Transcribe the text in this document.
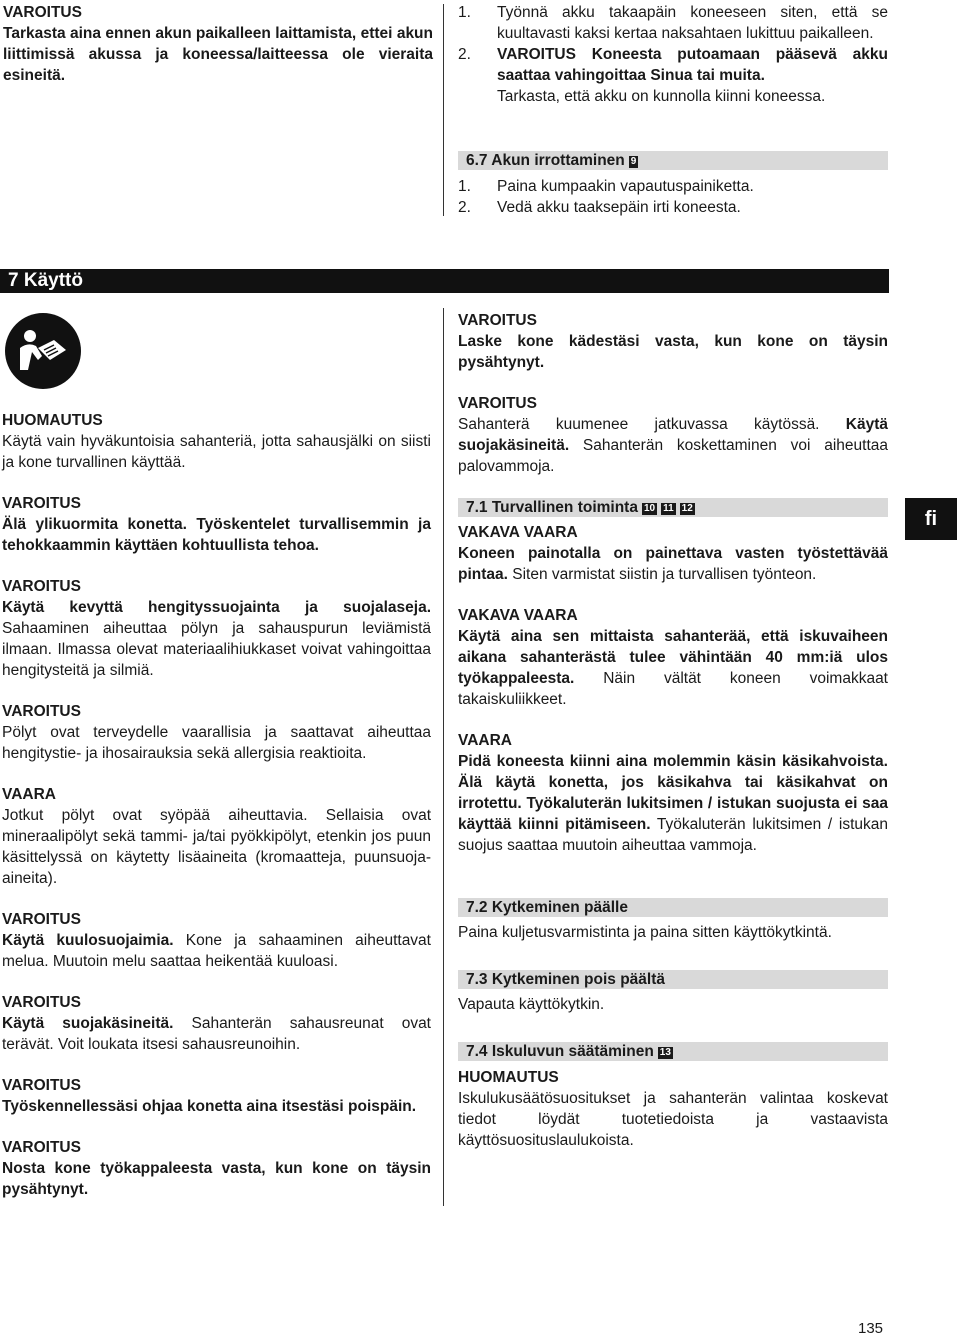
VAROITUS
Tarkasta aina ennen akun paikalleen laittamista, ettei akun liittimissä akussa ja koneessa/laitteessa ole vieraita esineitä.
1.	Työnnä akku takaapäin koneeseen siten, että se kuultavasti kaksi kertaa naksahtaen lukittuu paikalleen.
2.	VAROITUS Koneesta putoamaan pääsevä akku saattaa vahingoittaa Sinua tai muita.
Tarkasta, että akku on kunnolla kiinni koneessa.
6.7 Akun irrottaminen 9
1.	Paina kumpaakin vapautuspainiketta.
2.	Vedä akku taaksepäin irti koneesta.
7 Käyttö
HUOMAUTUS
Käytä vain hyväkuntoisia sahanteriä, jotta sahausjälki on siisti ja kone turvallinen käyttää.
VAROITUS
Älä ylikuormita konetta. Työskentelet turvallisemmin ja tehokkaammin käyttäen kohtuullista tehoa.
VAROITUS
Käytä kevyttä hengityssuojainta ja suojalaseja. Sahaaminen aiheuttaa pölyn ja sahauspurun leviämistä ilmaan. Ilmassa olevat materiaalihiukkaset voivat vahingoittaa hengitysteitä ja silmiä.
VAROITUS
Pölyt ovat terveydelle vaarallisia ja saattavat aiheuttaa hengitystie- ja ihosairauksia sekä allergisia reaktioita.
VAARA
Jotkut pölyt ovat syöpää aiheuttavia. Sellaisia ovat mineraalipölyt sekä tammi- ja/tai pyökkipölyt, etenkin jos puun käsittelyssä on käytetty lisäaineita (kromaatteja, puunsuoja-aineita).
VAROITUS
Käytä kuulosuojaimia. Kone ja sahaaminen aiheuttavat melua. Muutoin melu saattaa heikentää kuuloasi.
VAROITUS
Käytä suojakäsineitä. Sahanterän sahausreunat ovat terävät. Voit loukata itsesi sahausreunoihin.
VAROITUS
Työskennellessäsi ohjaa konetta aina itsestäsi poispäin.
VAROITUS
Nosta kone työkappaleesta vasta, kun kone on täysin pysähtynyt.
VAROITUS
Laske kone kädestäsi vasta, kun kone on täysin pysähtynyt.
VAROITUS
Sahanterä kuumenee jatkuvassa käytössä. Käytä suojakäsineitä. Sahanterän koskettaminen voi aiheuttaa palovammoja.
7.1 Turvallinen toiminta 10 11 12
VAKAVA VAARA
Koneen painotalla on painettava vasten työstettävää pintaa. Siten varmistat siistin ja turvallisen työnteon.
VAKAVA VAARA
Käytä aina sen mittaista sahanterää, että iskuvaiheen aikana sahanterästä tulee vähintään 40 mm:iä ulos työkappaleesta. Näin vältät koneen voimakkaat takaiskuliikkeet.
VAARA
Pidä koneesta kiinni aina molemmin käsin käsikahvoista. Älä käytä konetta, jos käsikahva tai käsikahvat on irrotettu. Työkaluterän lukitsimen / istukan suojusta ei saa käyttää kiinni pitämiseen. Työkaluterän lukitsimen / istukan suojus saattaa muutoin aiheuttaa vammoja.
7.2 Kytkeminen päälle
Paina kuljetusvarmistinta ja paina sitten käyttökytkintä.
7.3 Kytkeminen pois päältä
Vapauta käyttökytkin.
7.4 Iskuluvun säätäminen 13
HUOMAUTUS
Iskulukusäätösuositukset ja sahanterän valintaa koskevat tiedot löydät tuotetiedoista ja vastaavista käyttösuosituslaulukoista.
fi
135
